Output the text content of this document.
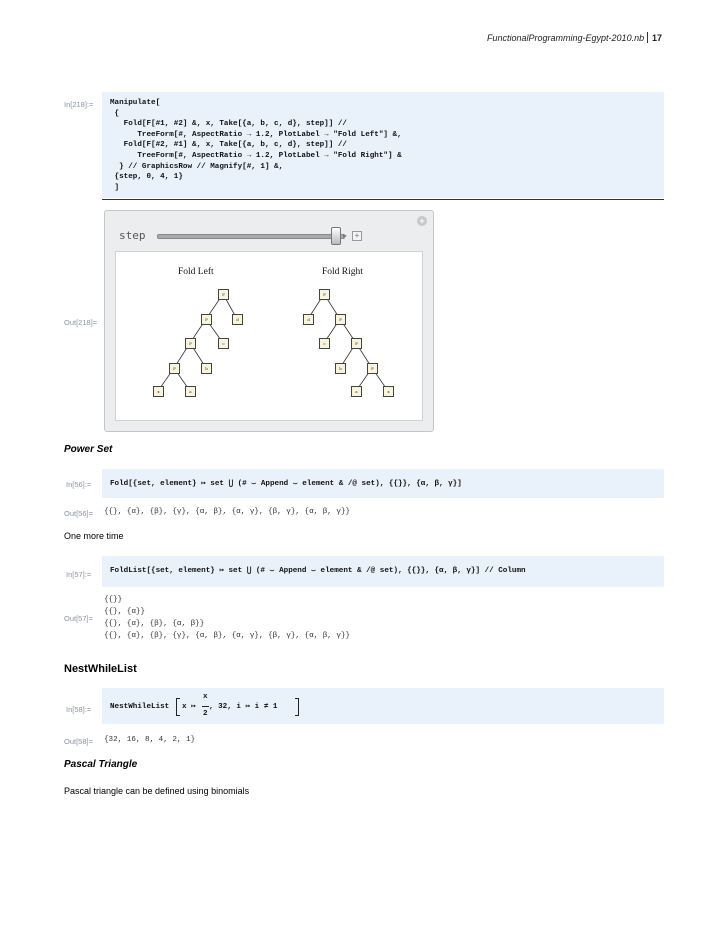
FunctionalProgramming-Egypt-2010.nb 17
In[218]:= Manipulate[
{
Fold[F[#1, #2] &, x, Take[{a, b, c, d}, step]] //
TreeForm[#, AspectRatio → 1.2, PlotLabel → "Fold Left"] &,
Fold[F[#2, #1] &, x, Take[{a, b, c, d}, step]] //
TreeForm[#, AspectRatio → 1.2, PlotLabel → "Fold Right"] &
} // GraphicsRow // Magnify[#, 1] &,
{step, 0, 4, 1}
]
Out[218]=
step	▸ +
+
Fold Left	Fold Right
F
F	d
F	c
F	b
x	a
F
d	F
c	F
b	F
a	x
Power Set
In[56]:= Fold[{set, element} ↦ set ⋃ (# ⌣ Append ⌣ element & /@ set), {{}}, {α, β, γ}]
Out[56]= {{}, {α}, {β}, {γ}, {α, β}, {α, γ}, {β, γ}, {α, β, γ}}
One more time
In[57]:= FoldList[{set, element} ↦ set ⋃ (# ⌣ Append ⌣ element & /@ set), {{}}, {α, β, γ}] // Column
Out[57]=
{{}}
{{}, {α}}
{{}, {α}, {β}, {α, β}}
{{}, {α}, {β}, {γ}, {α, β}, {α, γ}, {β, γ}, {α, β, γ}}
NestWhileList
In[58]:= NestWhileList x ↦
x
2
, 32, i ↦ i ≠ 1
Out[58]= {32, 16, 8, 4, 2, 1}
Pascal Triangle
Pascal triangle can be defined using binomials
